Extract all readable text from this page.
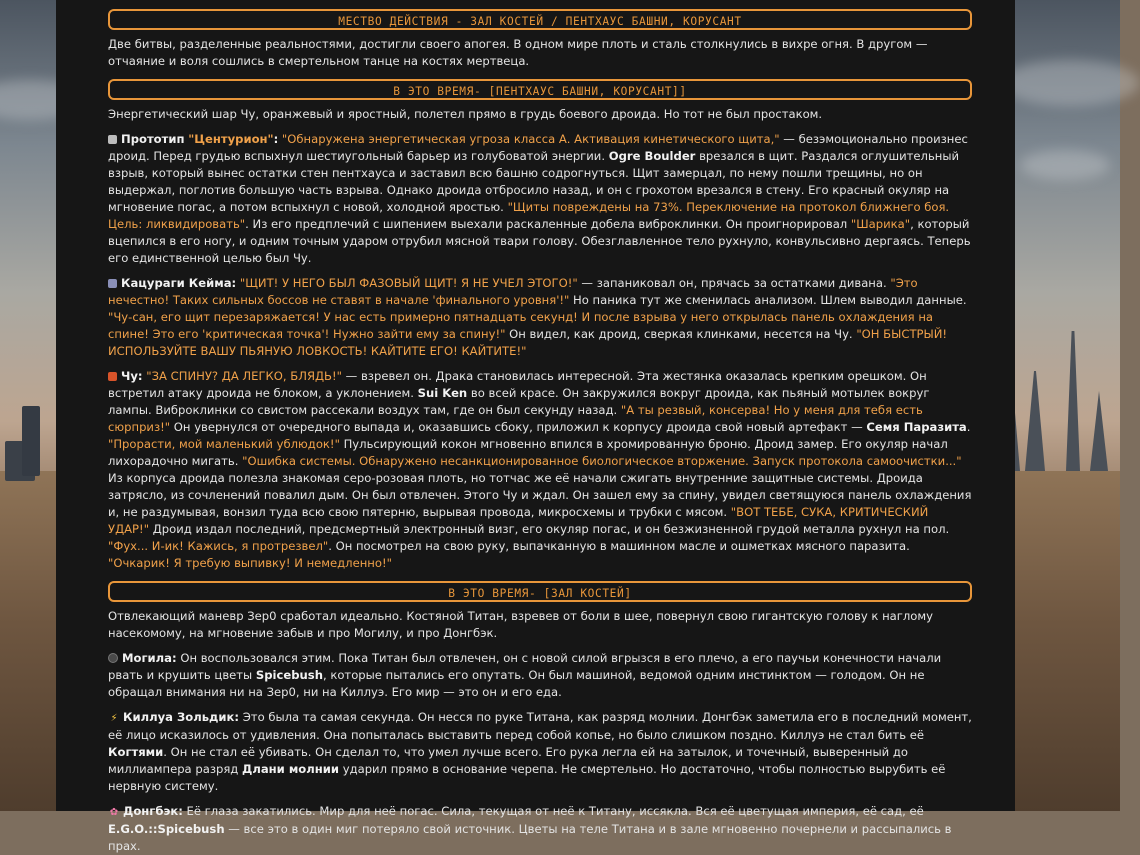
МЕСТВО ДЕЙСТВИЯ - ЗАЛ КОСТЕЙ / ПЕНТХАУС БАШНИ, КОРУСАНТ

Две битвы, разделенные реальностями, достигли своего апогея. В одном мире плоть и сталь столкнулись в вихре огня. В другом — отчаяние и воля сошлись в смертельном танце на костях мертвеца.

В ЭТО ВРЕМЯ- [ПЕНТХАУС БАШНИ, КОРУСАНТ]]

Энергетический шар Чу, оранжевый и яростный, полетел прямо в грудь боевого дроида. Но тот не был простаком.

Прототип "Центурион": "Обнаружена энергетическая угроза класса А. Активация кинетического щита," — безэмоционально произнес дроид. Перед грудью вспыхнул шестиугольный барьер из голубоватой энергии. Ogre Boulder врезался в щит. Раздался оглушительный взрыв, который вынес остатки стен пентхауса и заставил всю башню содрогнуться. Щит замерцал, по нему пошли трещины, но он выдержал, поглотив большую часть взрыва. Однако дроида отбросило назад, и он с грохотом врезался в стену. Его красный окуляр на мгновение погас, а потом вспыхнул с новой, холодной яростью. "Щиты повреждены на 73%. Переключение на протокол ближнего боя. Цель: ликвидировать". Из его предплечий с шипением выехали раскаленные добела виброклинки. Он проигнорировал "Шарика", который вцепился в его ногу, и одним точным ударом отрубил мясной твари голову. Обезглавленное тело рухнуло, конвульсивно дергаясь. Теперь его единственной целью был Чу.

Кацураги Кейма: "ЩИТ! У НЕГО БЫЛ ФАЗОВЫЙ ЩИТ! Я НЕ УЧЕЛ ЭТОГО!" — запаниковал он, прячась за остатками дивана. "Это нечестно! Таких сильных боссов не ставят в начале 'финального уровня'!" Но паника тут же сменилась анализом. Шлем выводил данные. "Чу-сан, его щит перезаряжается! У нас есть примерно пятнадцать секунд! И после взрыва у него открылась панель охлаждения на спине! Это его 'критическая точка'! Нужно зайти ему за спину!" Он видел, как дроид, сверкая клинками, несется на Чу. "ОН БЫСТРЫЙ! ИСПОЛЬЗУЙТЕ ВАШУ ПЬЯНУЮ ЛОВКОСТЬ! КАЙТИТЕ ЕГО! КАЙТИТЕ!"

Чу: "ЗА СПИНУ? ДА ЛЕГКО, БЛЯДЬ!" — взревел он. Драка становилась интересной. Эта жестянка оказалась крепким орешком. Он встретил атаку дроида не блоком, а уклонением. Sui Ken во всей красе. Он закружился вокруг дроида, как пьяный мотылек вокруг лампы. Виброклинки со свистом рассекали воздух там, где он был секунду назад. "А ты резвый, консерва! Но у меня для тебя есть сюрприз!" Он увернулся от очередного выпада и, оказавшись сбоку, приложил к корпусу дроида свой новый артефакт — Семя Паразита. "Прорасти, мой маленький ублюдок!" Пульсирующий кокон мгновенно впился в хромированную броню. Дроид замер. Его окуляр начал лихорадочно мигать. "Ошибка системы. Обнаружено несанкционированное биологическое вторжение. Запуск протокола самоочистки..." Из корпуса дроида полезла знакомая серо-розовая плоть, но тотчас же её начали сжигать внутренние защитные системы. Дроида затрясло, из сочленений повалил дым. Он был отвлечен. Этого Чу и ждал. Он зашел ему за спину, увидел светящуюся панель охлаждения и, не раздумывая, вонзил туда всю свою пятерню, вырывая провода, микросхемы и трубки с мясом. "ВОТ ТЕБЕ, СУКА, КРИТИЧЕСКИЙ УДАР!" Дроид издал последний, предсмертный электронный визг, его окуляр погас, и он безжизненной грудой металла рухнул на пол. "Фух... И-ик! Кажись, я протрезвел". Он посмотрел на свою руку, выпачканную в машинном масле и ошметках мясного паразита. "Очкарик! Я требую выпивку! И немедленно!"

В ЭТО ВРЕМЯ- [ЗАЛ КОСТЕЙ]

Отвлекающий маневр Зер0 сработал идеально. Костяной Титан, взревев от боли в шее, повернул свою гигантскую голову к наглому насекомому, на мгновение забыв и про Могилу, и про Донгбэк.

Могила: Он воспользовался этим. Пока Титан был отвлечен, он с новой силой вгрызся в его плечо, а его паучьи конечности начали рвать и крушить цветы Spicebush, которые пытались его опутать. Он был машиной, ведомой одним инстинктом — голодом. Он не обращал внимания ни на Зер0, ни на Киллуэ. Его мир — это он и его еда.

⚡ Киллуа Зольдик: Это была та самая секунда. Он несся по руке Титана, как разряд молнии. Донгбэк заметила его в последний момент, её лицо исказилось от удивления. Она попыталась выставить перед собой копье, но было слишком поздно. Киллуэ не стал бить её Когтями. Он не стал её убивать. Он сделал то, что умел лучше всего. Его рука легла ей на затылок, и точечный, выверенный до миллиампера разряд Длани молнии ударил прямо в основание черепа. Не смертельно. Но достаточно, чтобы полностью вырубить её нервную систему.

✿ Донгбэк: Её глаза закатились. Мир для неё погас. Сила, текущая от неё к Титану, иссякла. Вся её цветущая империя, её сад, её E.G.O.::Spicebush — все это в один миг потеряло свой источник. Цветы на теле Титана и в зале мгновенно почернели и рассыпались в прах.
